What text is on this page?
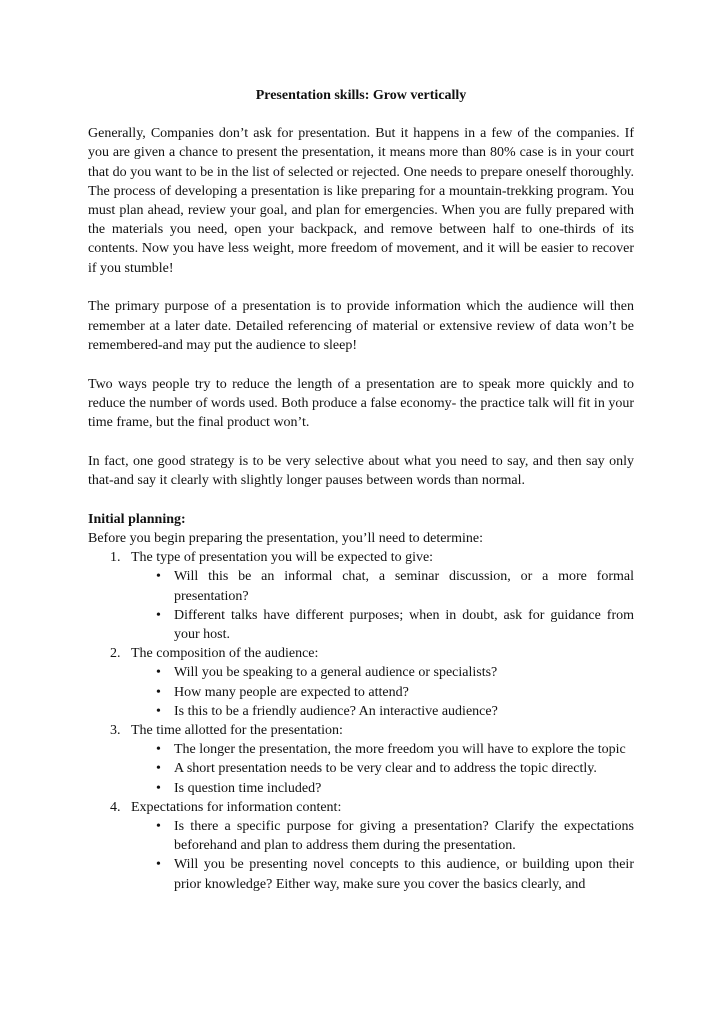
Presentation skills: Grow vertically

Generally, Companies don’t ask for presentation. But it happens in a few of the companies. If you are given a chance to present the presentation, it means more than 80% case is in your court that do you want to be in the list of selected or rejected. One needs to prepare oneself thoroughly. The process of developing a presentation is like preparing for a mountain-trekking program. You must plan ahead, review your goal, and plan for emergencies. When you are fully prepared with the materials you need, open your backpack, and remove between half to one-thirds of its contents. Now you have less weight, more freedom of movement, and it will be easier to recover if you stumble!

The primary purpose of a presentation is to provide information which the audience will then remember at a later date. Detailed referencing of material or extensive review of data won’t be remembered-and may put the audience to sleep!

Two ways people try to reduce the length of a presentation are to speak more quickly and to reduce the number of words used. Both produce a false economy- the practice talk will fit in your time frame, but the final product won’t.

In fact, one good strategy is to be very selective about what you need to say, and then say only that-and say it clearly with slightly longer pauses between words than normal.

Initial planning:
Before you begin preparing the presentation, you’ll need to determine:
1. The type of presentation you will be expected to give:
• Will this be an informal chat, a seminar discussion, or a more formal presentation?
• Different talks have different purposes; when in doubt, ask for guidance from your host.
2. The composition of the audience:
• Will you be speaking to a general audience or specialists?
• How many people are expected to attend?
• Is this to be a friendly audience? An interactive audience?
3. The time allotted for the presentation:
• The longer the presentation, the more freedom you will have to explore the topic
• A short presentation needs to be very clear and to address the topic directly.
• Is question time included?
4. Expectations for information content:
• Is there a specific purpose for giving a presentation? Clarify the expectations beforehand and plan to address them during the presentation.
• Will you be presenting novel concepts to this audience, or building upon their prior knowledge? Either way, make sure you cover the basics clearly, and
